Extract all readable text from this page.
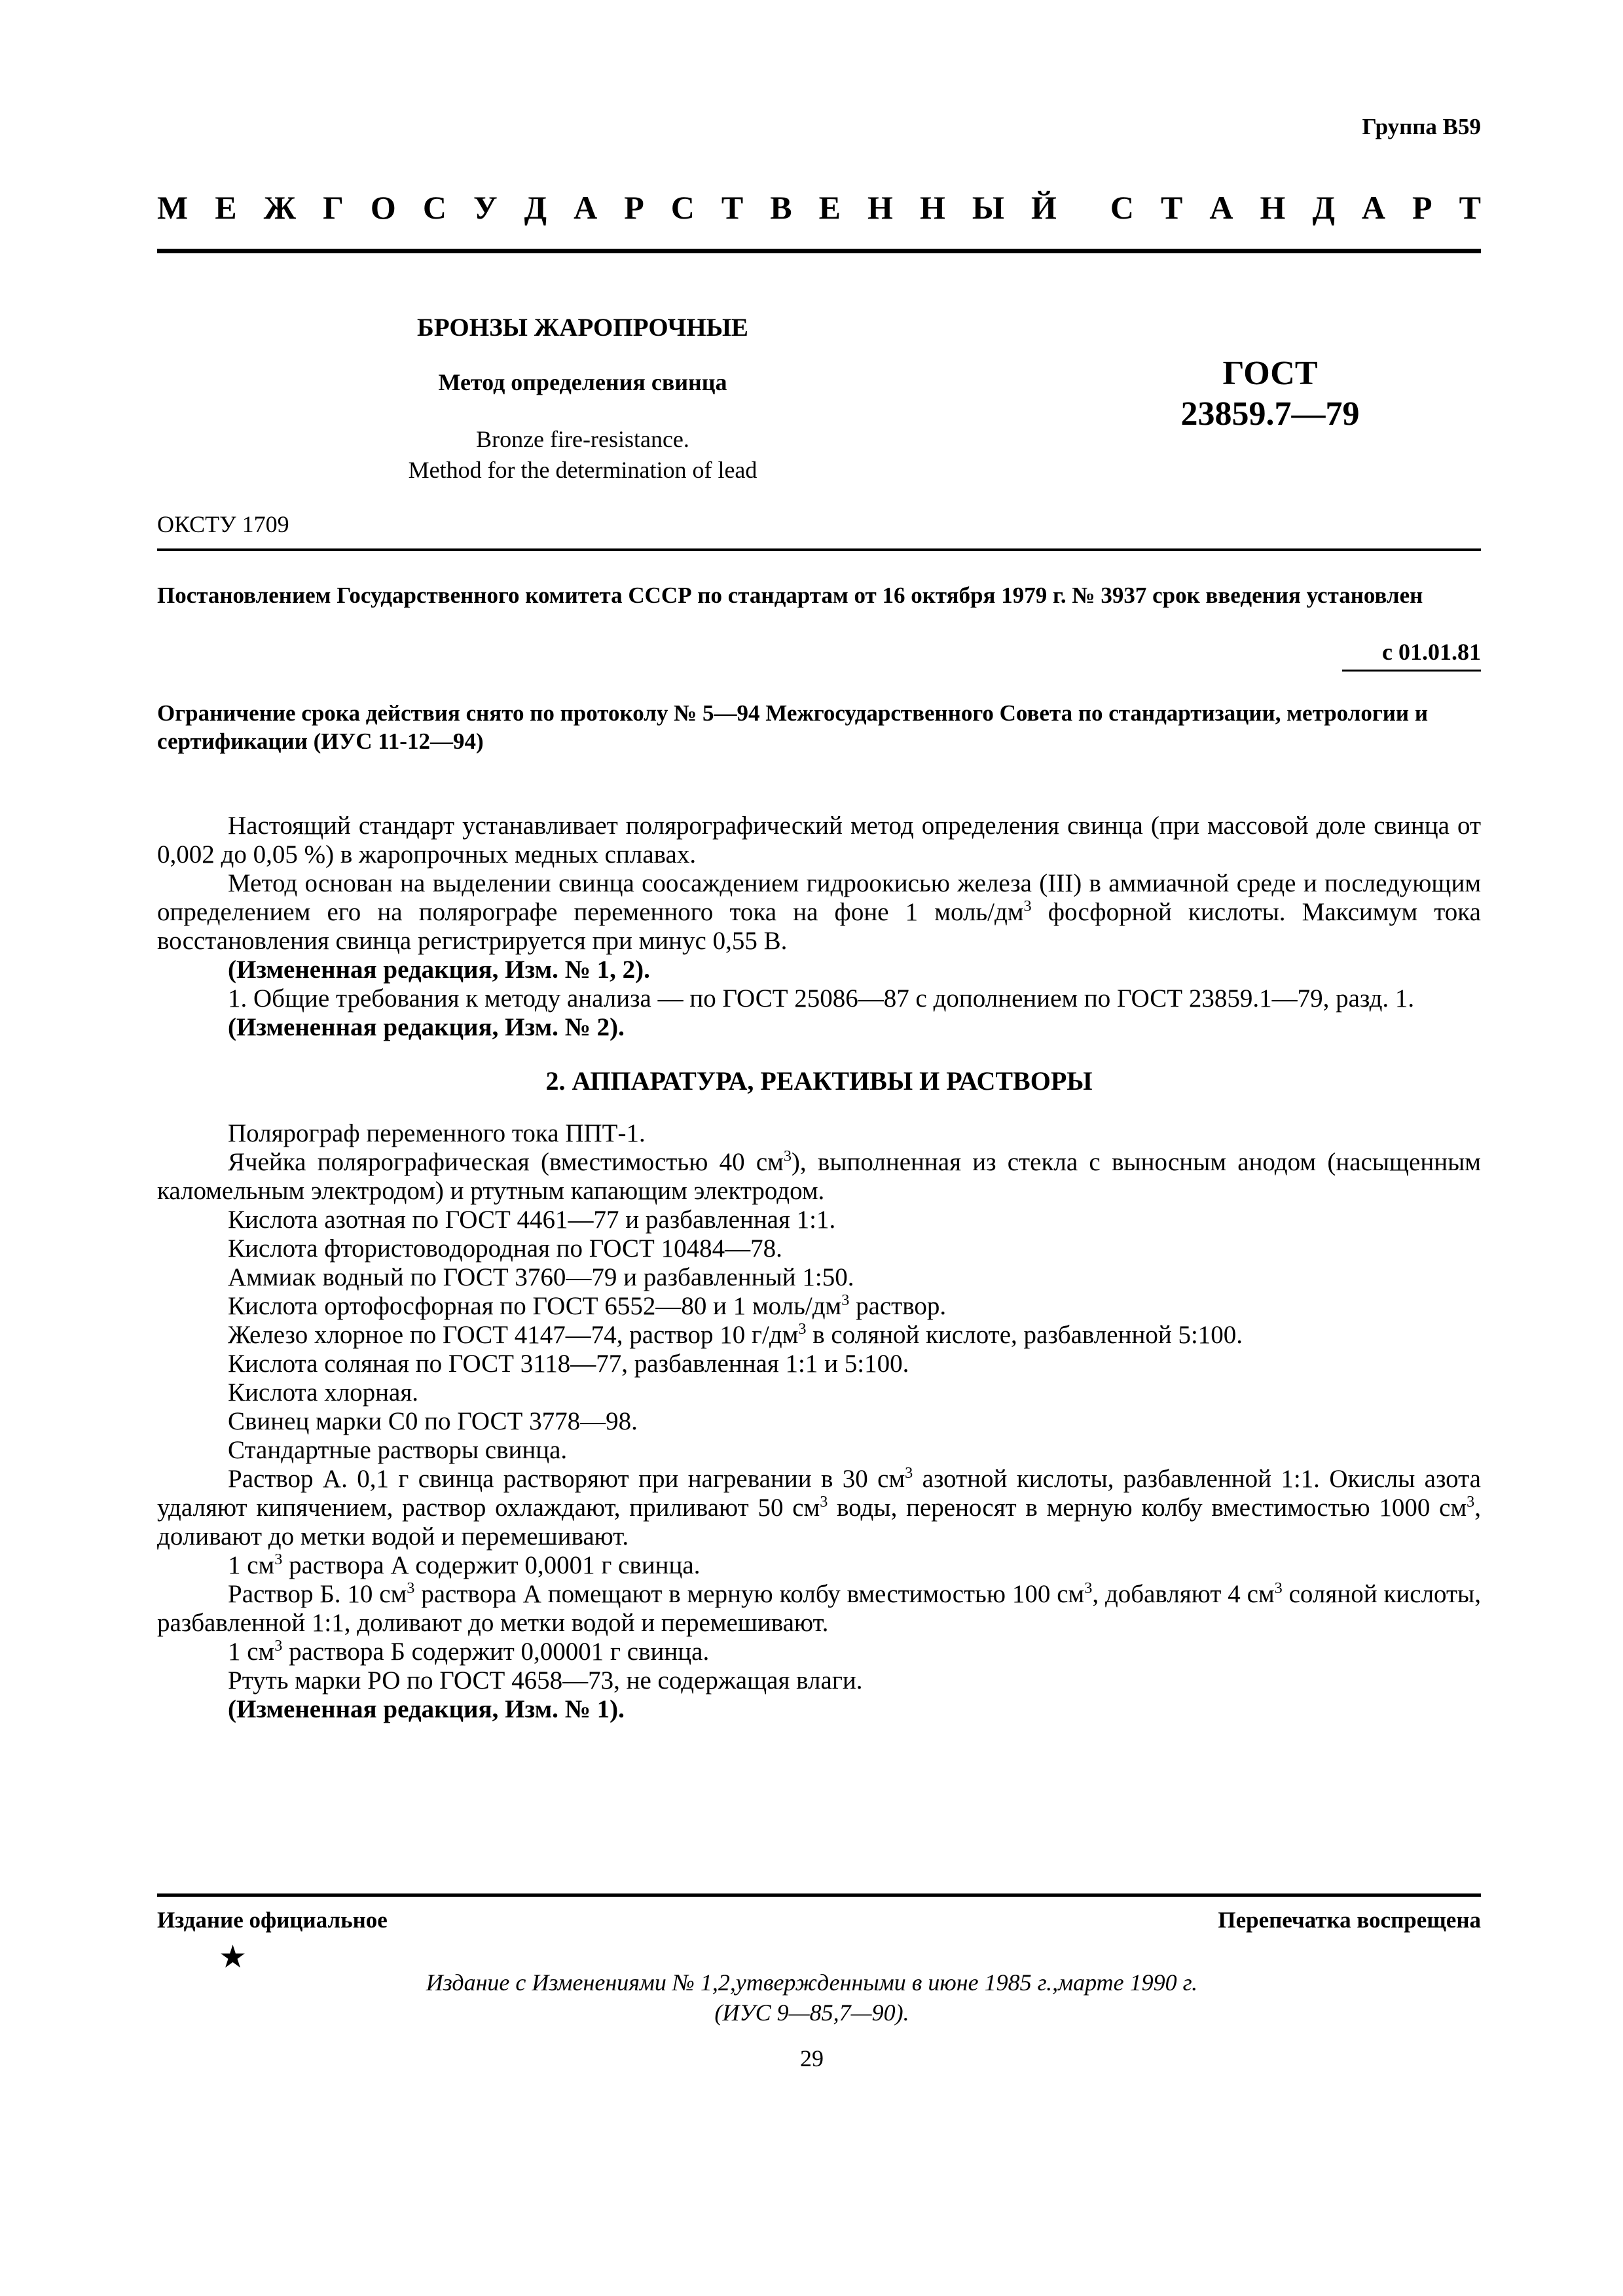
Группа В59
М Е Ж Г О С У Д А Р С Т В Е Н Н Ы Й С Т А Н Д А Р Т
БРОНЗЫ ЖАРОПРОЧНЫЕ
Метод определения свинца
Bronze fire-resistance.
Method for the determination of lead
ГОСТ
23859.7—79
ОКСТУ 1709
Постановлением Государственного комитета СССР по стандартам от 16 октября 1979 г. № 3937 срок введения установлен
с 01.01.81
Ограничение срока действия снято по протоколу № 5—94 Межгосударственного Совета по стандартизации, метрологии и сертификации (ИУС 11-12—94)

Настоящий стандарт устанавливает полярографический метод определения свинца (при массовой доле свинца от 0,002 до 0,05 %) в жаропрочных медных сплавах.

Метод основан на выделении свинца соосаждением гидроокисью железа (III) в аммиачной среде и последующим определением его на полярографе переменного тока на фоне 1 моль/$дм^3$ фосфорной кислоты. Максимум тока восстановления свинца регистрируется при минус 0,55 В.

(Измененная редакция, Изм. № 1, 2).

1. Общие требования к методу анализа — по ГОСТ 25086—87 с дополнением по ГОСТ 23859.1—79, разд. 1.

(Измененная редакция, Изм. № 2).

2. АППАРАТУРА, РЕАКТИВЫ И РАСТВОРЫ

Полярограф переменного тока ППТ-1.

Ячейка полярографическая (вместимостью 40 $см^3$), выполненная из стекла с выносным анодом (насыщенным каломельным электродом) и ртутным капающим электродом.

Кислота азотная по ГОСТ 4461—77 и разбавленная 1:1.

Кислота фтористоводородная по ГОСТ 10484—78.

Аммиак водный по ГОСТ 3760—79 и разбавленный 1:50.

Кислота ортофосфорная по ГОСТ 6552—80 и 1 моль/$дм^3$ раствор.

Железо хлорное по ГОСТ 4147—74, раствор 10 $г/дм^3$ в соляной кислоте, разбавленной 5:100.

Кислота соляная по ГОСТ 3118—77, разбавленная 1:1 и 5:100.

Кислота хлорная.

Свинец марки С0 по ГОСТ 3778—98.

Стандартные растворы свинца.

Раствор А. 0,1 г свинца растворяют при нагревании в 30 $см^3$ азотной кислоты, разбавленной 1:1. Окислы азота удаляют кипячением, раствор охлаждают, приливают 50 $см^3$ воды, переносят в мерную колбу вместимостью 1000 $см^3$, доливают до метки водой и перемешивают.

1 $см^3$ раствора А содержит 0,0001 г свинца.

Раствор Б. 10 $см^3$ раствора А помещают в мерную колбу вместимостью 100 $см^3$, добавляют 4 $см^3$ соляной кислоты, разбавленной 1:1, доливают до метки водой и перемешивают.

1 $см^3$ раствора Б содержит 0,00001 г свинца.

Ртуть марки РО по ГОСТ 4658—73, не содержащая влаги.

(Измененная редакция, Изм. № 1).

Издание официальное	Перепечатка воспрещена
★
Издание с Изменениями № 1,2,утвержденными в июне 1985 г.,марте 1990 г.
(ИУС 9—85,7—90).
29
